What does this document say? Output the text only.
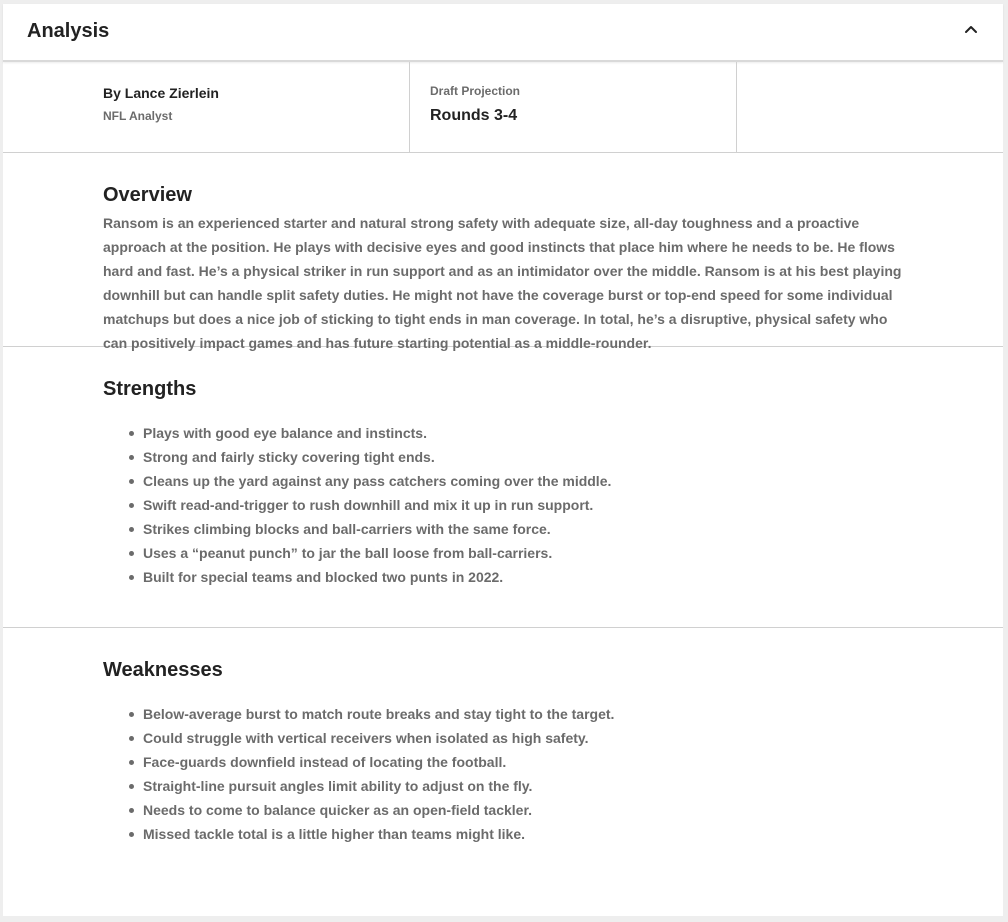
Analysis
By Lance Zierlein
NFL Analyst
Draft Projection
Rounds 3-4
Overview

Ransom is an experienced starter and natural strong safety with adequate size, all-day toughness and a proactive approach at the position. He plays with decisive eyes and good instincts that place him where he needs to be. He flows hard and fast. He’s a physical striker in run support and as an intimidator over the middle. Ransom is at his best playing downhill but can handle split safety duties. He might not have the coverage burst or top-end speed for some individual matchups but does a nice job of sticking to tight ends in man coverage. In total, he’s a disruptive, physical safety who can positively impact games and has future starting potential as a middle-rounder.

Strengths
Plays with good eye balance and instincts.
Strong and fairly sticky covering tight ends.
Cleans up the yard against any pass catchers coming over the middle.
Swift read-and-trigger to rush downhill and mix it up in run support.
Strikes climbing blocks and ball-carriers with the same force.
Uses a “peanut punch” to jar the ball loose from ball-carriers.
Built for special teams and blocked two punts in 2022.
Weaknesses
Below-average burst to match route breaks and stay tight to the target.
Could struggle with vertical receivers when isolated as high safety.
Face-guards downfield instead of locating the football.
Straight-line pursuit angles limit ability to adjust on the fly.
Needs to come to balance quicker as an open-field tackler.
Missed tackle total is a little higher than teams might like.
